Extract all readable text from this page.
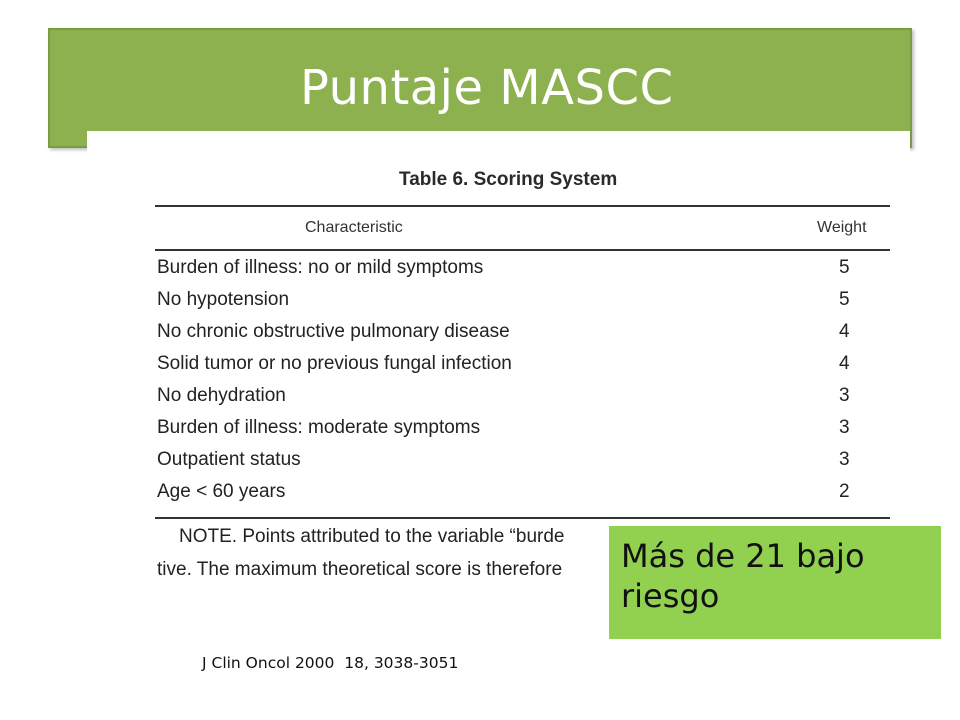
Puntaje MASCC
Table 6. Scoring System
Characteristic	Weight
Burden of illness: no or mild symptoms	5
No hypotension	5
No chronic obstructive pulmonary disease	4
Solid tumor or no previous fungal infection	4
No dehydration	3
Burden of illness: moderate symptoms	3
Outpatient status	3
Age < 60 years	2
NOTE. Points attributed to the variable “burde
tive. The maximum theoretical score is therefore	Más de 21 bajo riesgo
J Clin Oncol 2000  18, 3038-3051
